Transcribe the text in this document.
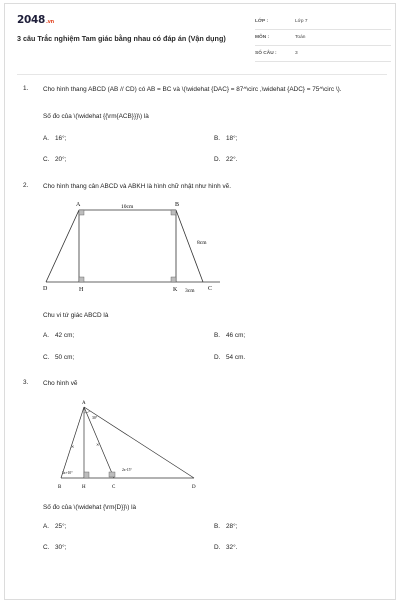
2048.vn
3 câu Trắc nghiệm Tam giác bằng nhau có đáp án (Vận dụng)
LỚP :	Lớp 7
MÔN :	Toán
SỐ CÂU :	3
1. Cho hình thang ABCD (AB // CD) có AB = BC và \(\widehat {DAC} = 87^\circ ,\widehat {ADC} = 75^\circ \).
Số đo của \(\widehat {{\rm{ACB}}}\) là
A. 16°;	B. 18°;
C. 20°;	D. 22°.
2. Cho hình thang cân ABCD và ABKH là hình chữ nhật như hình vẽ.
A	B
C
D	H	K
10cm
8cm
3cm
Chu vi tứ giác ABCD là
A. 42 cm;	B. 46 cm;
C. 50 cm;	D. 54 cm.
3. Cho hình vẽ
✕	✕
A
B	H	C	D
30°
3x+10°
2x-15°
Số đo của \(\widehat {\rm{D}}\) là
A. 25°;	B. 28°;
C. 30°;	D. 32°.
